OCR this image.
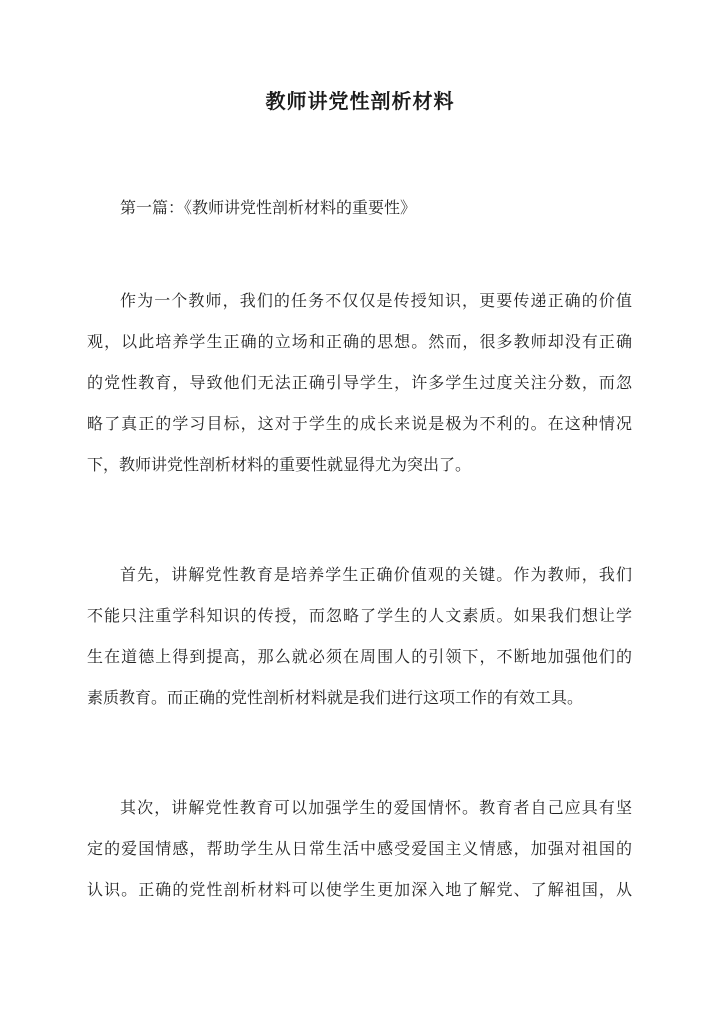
教师讲党性剖析材料
第一篇：《教师讲党性剖析材料的重要性》
作为一个教师，我们的任务不仅仅是传授知识，更要传递正确的价值
观，以此培养学生正确的立场和正确的思想。然而，很多教师却没有正确
的党性教育，导致他们无法正确引导学生，许多学生过度关注分数，而忽
略了真正的学习目标，这对于学生的成长来说是极为不利的。在这种情况
下，教师讲党性剖析材料的重要性就显得尤为突出了。
首先，讲解党性教育是培养学生正确价值观的关键。作为教师，我们
不能只注重学科知识的传授，而忽略了学生的人文素质。如果我们想让学
生在道德上得到提高，那么就必须在周围人的引领下，不断地加强他们的
素质教育。而正确的党性剖析材料就是我们进行这项工作的有效工具。
其次，讲解党性教育可以加强学生的爱国情怀。教育者自己应具有坚
定的爱国情感，帮助学生从日常生活中感受爱国主义情感，加强对祖国的
认识。正确的党性剖析材料可以使学生更加深入地了解党、了解祖国，从
